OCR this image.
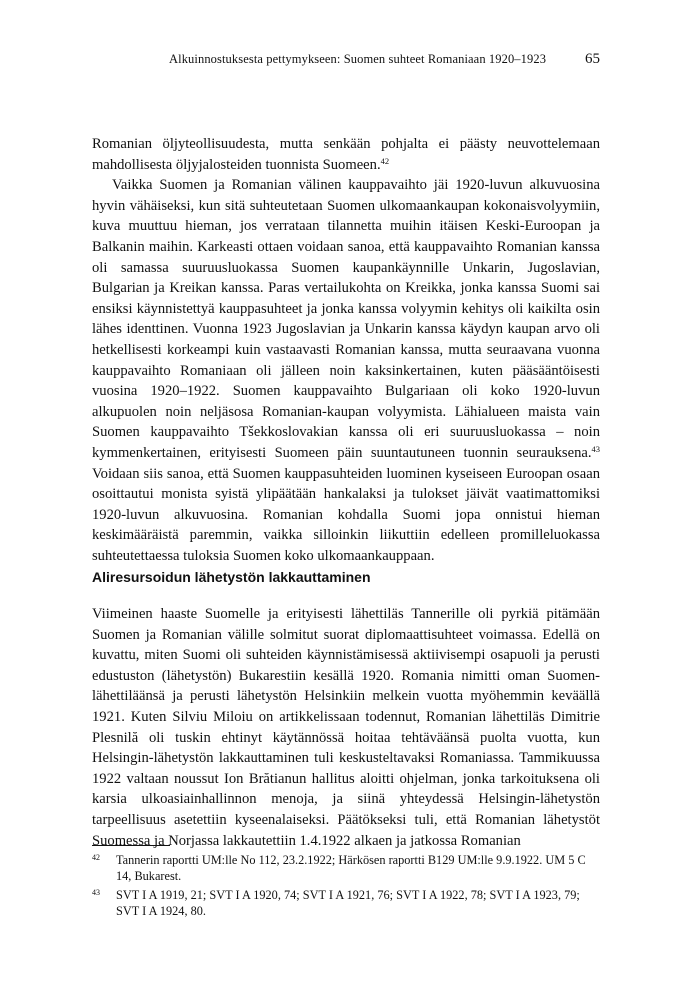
Alkuinnostuksesta pettymykseen: Suomen suhteet Romaniaan 1920–1923	65

Romanian öljyteollisuudesta, mutta senkään pohjalta ei päästy neuvottelemaan mahdollisesta öljyjalosteiden tuonnista Suomeen.$^{42}$

Vaikka Suomen ja Romanian välinen kauppavaihto jäi 1920-luvun alkuvuosina hyvin vähäiseksi, kun sitä suhteutetaan Suomen ulkomaankaupan kokonaisvolyymiin, kuva muuttuu hieman, jos verrataan tilannetta muihin itäisen Keski-Euroopan ja Balkanin maihin. Karkeasti ottaen voidaan sanoa, että kauppavaihto Romanian kanssa oli samassa suuruusluokassa Suomen kaupankäynnille Unkarin, Jugoslavian, Bulgarian ja Kreikan kanssa. Paras vertailukohta on Kreikka, jonka kanssa Suomi sai ensiksi käynnistettyä kauppasuhteet ja jonka kanssa volyymin kehitys oli kaikilta osin lähes identtinen. Vuonna 1923 Jugoslavian ja Unkarin kanssa käydyn kaupan arvo oli hetkellisesti korkeampi kuin vastaavasti Romanian kanssa, mutta seuraavana vuonna kauppavaihto Romaniaan oli jälleen noin kaksinkertainen, kuten pääsääntöisesti vuosina 1920–1922. Suomen kauppavaihto Bulgariaan oli koko 1920-luvun alkupuolen noin neljäsosa Romanian-kaupan volyymista. Lähialueen maista vain Suomen kauppavaihto Tšekkoslovakian kanssa oli eri suuruusluokassa – noin kymmenkertainen, erityisesti Suomeen päin suuntautuneen tuonnin seurauksena.$^{43}$ Voidaan siis sanoa, että Suomen kauppasuhteiden luominen kyseiseen Euroopan osaan osoittautui monista syistä ylipäätään hankalaksi ja tulokset jäivät vaatimattomiksi 1920-luvun alkuvuosina. Romanian kohdalla Suomi jopa onnistui hieman keskimääräistä paremmin, vaikka silloinkin liikuttiin edelleen promilleluokassa suhteutettaessa tuloksia Suomen koko ulkomaankauppaan.

Aliresursoidun lähetystön lakkauttaminen

Viimeinen haaste Suomelle ja erityisesti lähettiläs Tannerille oli pyrkiä pitämään Suomen ja Romanian välille solmitut suorat diplomaattisuhteet voimassa. Edellä on kuvattu, miten Suomi oli suhteiden käynnistämisessä aktiivisempi osapuoli ja perusti edustuston (lähetystön) Bukarestiin kesällä 1920. Romania nimitti oman Suomen-lähettiläänsä ja perusti lähetystön Helsinkiin melkein vuotta myöhemmin keväällä 1921. Kuten Silviu Miloiu on artikkelissaan todennut, Romanian lähettiläs Dimitrie Plesnilă oli tuskin ehtinyt käytännössä hoitaa tehtäväänsä puolta vuotta, kun Helsingin-lähetystön lakkauttaminen tuli keskusteltavaksi Romaniassa. Tammikuussa 1922 valtaan noussut Ion Brătianun hallitus aloitti ohjelman, jonka tarkoituksena oli karsia ulkoasiainhallinnon menoja, ja siinä yhteydessä Helsingin-lähetystön tarpeellisuus asetettiin kyseenalaiseksi. Päätökseksi tuli, että Romanian lähetystöt Suomessa ja Norjassa lakkautettiin 1.4.1922 alkaen ja jatkossa Romanian

42 Tannerin raportti UM:lle No 112, 23.2.1922; Härkösen raportti B129 UM:lle 9.9.1922. UM 5 C 14, Bukarest.
43 SVT I A 1919, 21; SVT I A 1920, 74; SVT I A 1921, 76; SVT I A 1922, 78; SVT I A 1923, 79; SVT I A 1924, 80.
